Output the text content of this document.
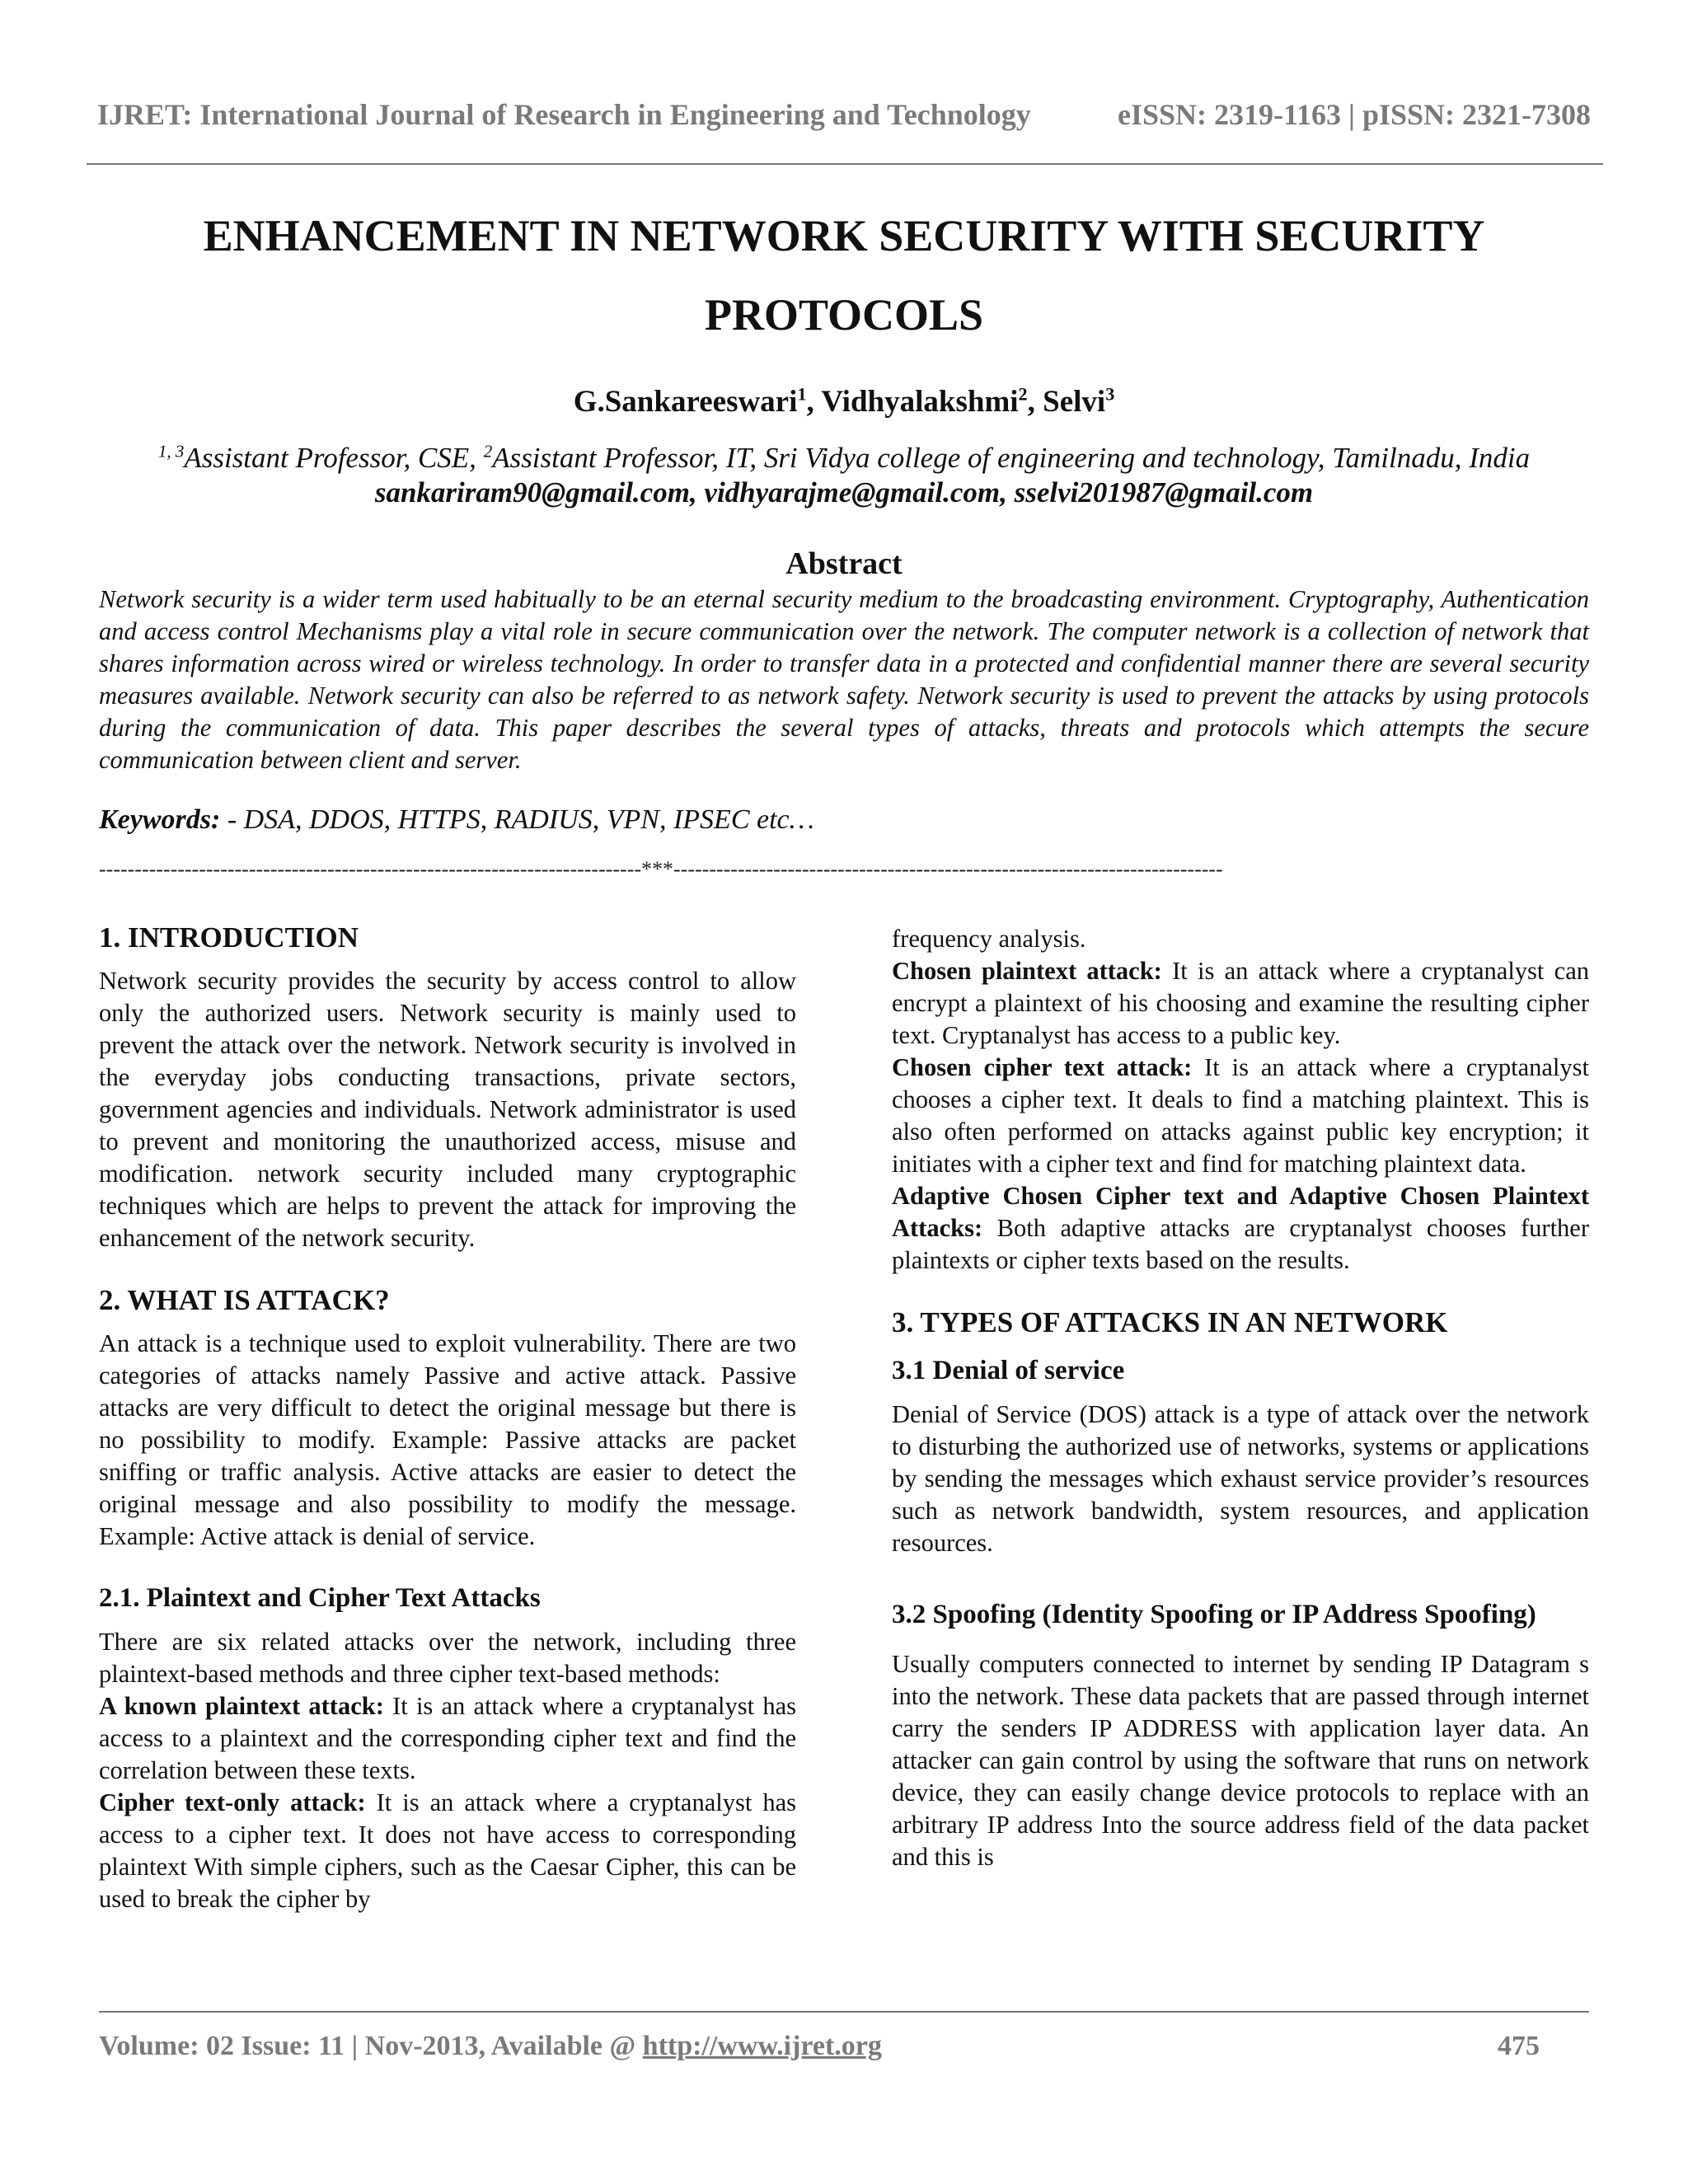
IJRET: International Journal of Research in Engineering and Technology	eISSN: 2319-1163 | pISSN: 2321-7308
ENHANCEMENT IN NETWORK SECURITY WITH SECURITY
PROTOCOLS
G.Sankareeswari$^1$, Vidhyalakshmi$^2$, Selvi$^3$
$^{1, 3}$Assistant Professor, CSE, $^2$Assistant Professor, IT, Sri Vidya college of engineering and technology, Tamilnadu, India
sankariram90@gmail.com, vidhyarajme@gmail.com, sselvi201987@gmail.com
Abstract
Network security is a wider term used habitually to be an eternal security medium to the broadcasting environment. Cryptography, Authentication and access control Mechanisms play a vital role in secure communication over the network. The computer network is a collection of network that shares information across wired or wireless technology. In order to transfer data in a protected and confidential manner there are several security measures available. Network security can also be referred to as network safety. Network security is used to prevent the attacks by using protocols during the communication of data. This paper describes the several types of attacks, threats and protocols which attempts the secure communication between client and server.
Keywords: - DSA, DDOS, HTTPS, RADIUS, VPN, IPSEC etc…
----------------------------------------------------------------------------***-----------------------------------------------------------------------------
1. INTRODUCTION

Network security provides the security by access control to allow only the authorized users. Network security is mainly used to prevent the attack over the network. Network security is involved in the everyday jobs conducting transactions, private sectors, government agencies and individuals. Network administrator is used to prevent and monitoring the unauthorized access, misuse and modification. network security included many cryptographic techniques which are helps to prevent the attack for improving the enhancement of the network security.

2. WHAT IS ATTACK?

An attack is a technique used to exploit vulnerability. There are two categories of attacks namely Passive and active attack. Passive attacks are very difficult to detect the original message but there is no possibility to modify. Example: Passive attacks are packet sniffing or traffic analysis. Active attacks are easier to detect the original message and also possibility to modify the message. Example: Active attack is denial of service.

2.1. Plaintext and Cipher Text Attacks

There are six related attacks over the network, including three plaintext-based methods and three cipher text-based methods:

A known plaintext attack: It is an attack where a cryptanalyst has access to a plaintext and the corresponding cipher text and find the correlation between these texts.

Cipher text-only attack: It is an attack where a cryptanalyst has access to a cipher text. It does not have access to corresponding plaintext With simple ciphers, such as the Caesar Cipher, this can be used to break the cipher by

frequency analysis.

Chosen plaintext attack: It is an attack where a cryptanalyst can encrypt a plaintext of his choosing and examine the resulting cipher text. Cryptanalyst has access to a public key.

Chosen cipher text attack: It is an attack where a cryptanalyst chooses a cipher text. It deals to find a matching plaintext. This is also often performed on attacks against public key encryption; it initiates with a cipher text and find for matching plaintext data.

Adaptive Chosen Cipher text and Adaptive Chosen Plaintext Attacks: Both adaptive attacks are cryptanalyst chooses further plaintexts or cipher texts based on the results.

3. TYPES OF ATTACKS IN AN NETWORK
3.1 Denial of service

Denial of Service (DOS) attack is a type of attack over the network to disturbing the authorized use of networks, systems or applications by sending the messages which exhaust service provider’s resources such as network bandwidth, system resources, and application resources.

3.2 Spoofing (Identity Spoofing or IP Address Spoofing)

Usually computers connected to internet by sending IP Datagram s into the network. These data packets that are passed through internet carry the senders IP ADDRESS with application layer data. An attacker can gain control by using the software that runs on network device, they can easily change device protocols to replace with an arbitrary IP address Into the source address field of the data packet and this is

Volume: 02 Issue: 11 | Nov-2013, Available @ http://www.ijret.org	475
